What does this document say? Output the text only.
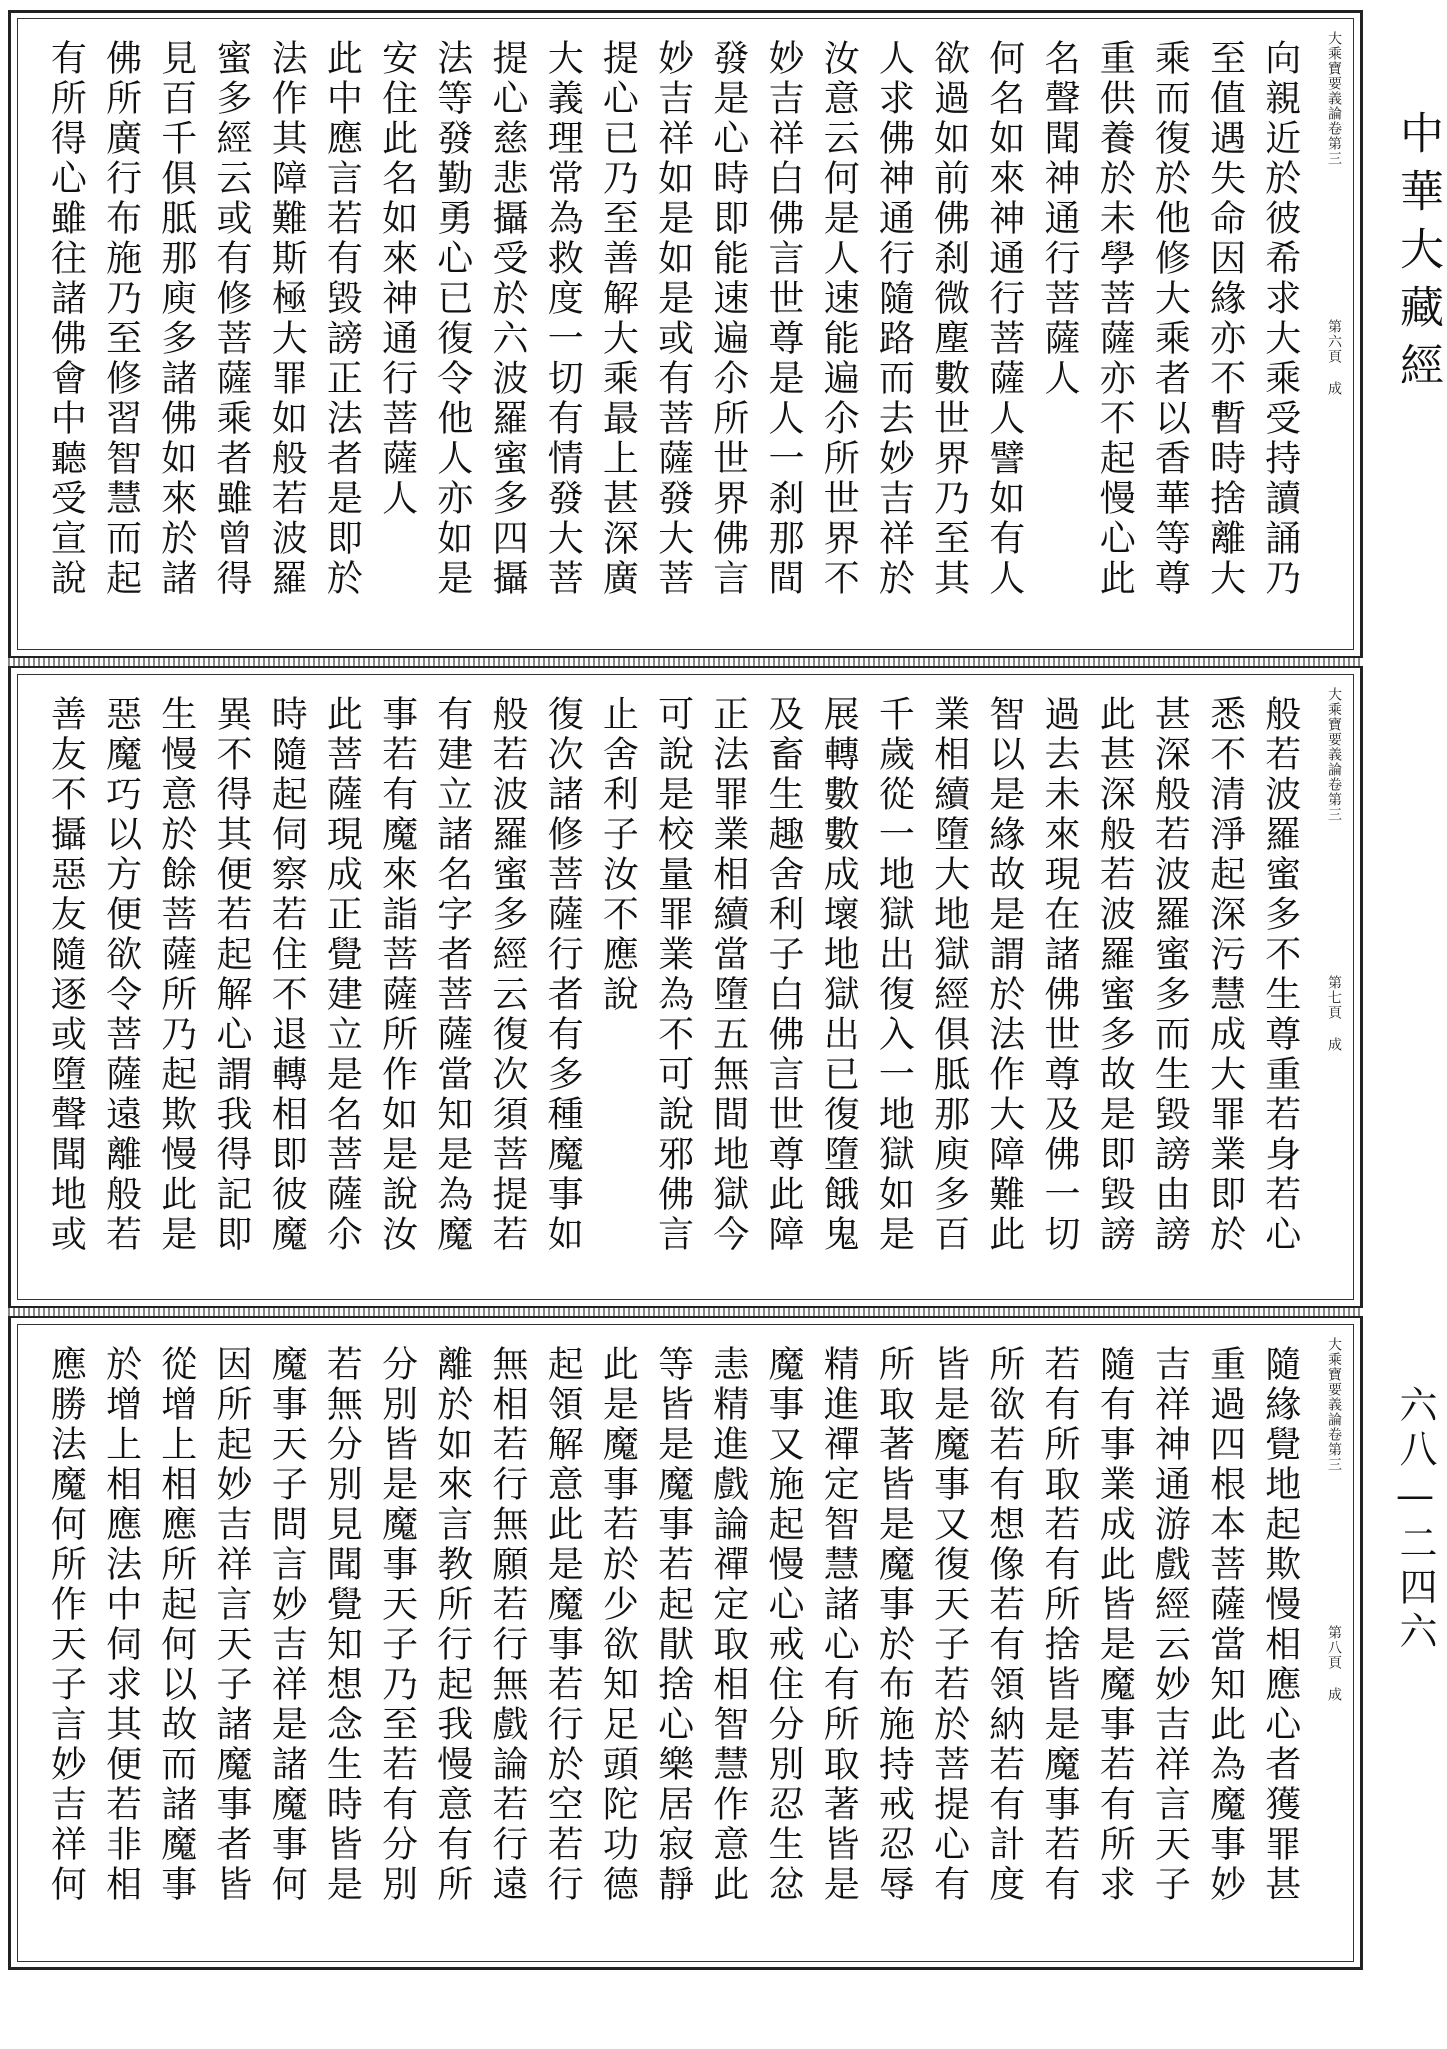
大乘寶要義論卷第三
第六頁 成
向親近於彼希求大乘受持讀誦乃
至值遇失命因緣亦不暫時捨離大
乘而復於他修大乘者以香華等尊
重供養於未學菩薩亦不起慢心此
名聲聞神通行菩薩人
何名如來神通行菩薩人譬如有人
欲過如前佛刹微塵數世界乃至其
人求佛神通行隨路而去妙吉祥於
汝意云何是人速能遍尒所世界不
妙吉祥白佛言世尊是人一刹那間
發是心時即能速遍尒所世界佛言
妙吉祥如是如是或有菩薩發大菩
提心已乃至善解大乘最上甚深廣
大義理常為救度一切有情發大菩
提心慈悲攝受於六波羅蜜多四攝
法等發勤勇心已復令他人亦如是
安住此名如來神通行菩薩人
此中應言若有毀謗正法者是即於
法作其障難斯極大罪如般若波羅
蜜多經云或有修菩薩乘者雖曾得
見百千俱胝那庾多諸佛如來於諸
佛所廣行布施乃至修習智慧而起
有所得心雖往諸佛會中聽受宣說
大乘寶要義論卷第三
第七頁 成
般若波羅蜜多不生尊重若身若心
悉不清淨起深污慧成大罪業即於
甚深般若波羅蜜多而生毀謗由謗
此甚深般若波羅蜜多故是即毀謗
過去未來現在諸佛世尊及佛一切
智以是緣故是謂於法作大障難此
業相續墮大地獄經俱胝那庾多百
千歲從一地獄出復入一地獄如是
展轉數數成壞地獄出已復墮餓鬼
及畜生趣舍利子白佛言世尊此障
正法罪業相續當墮五無間地獄今
可說是校量罪業為不可說邪佛言
止舍利子汝不應說
復次諸修菩薩行者有多種魔事如
般若波羅蜜多經云復次須菩提若
有建立諸名字者菩薩當知是為魔
事若有魔來詣菩薩所作如是說汝
此菩薩現成正覺建立是名菩薩尒
時隨起伺察若住不退轉相即彼魔
異不得其便若起解心謂我得記即
生慢意於餘菩薩所乃起欺慢此是
惡魔巧以方便欲令菩薩遠離般若
善友不攝惡友隨逐或墮聲聞地或
大乘寶要義論卷第三
第八頁 成
隨緣覺地起欺慢相應心者獲罪甚
重過四根本菩薩當知此為魔事妙
吉祥神通游戲經云妙吉祥言天子
隨有事業成此皆是魔事若有所求
若有所取若有所捨皆是魔事若有
所欲若有想像若有領納若有計度
皆是魔事又復天子若於菩提心有
所取著皆是魔事於布施持戒忍辱
精進禪定智慧諸心有所取著皆是
魔事又施起慢心戒住分別忍生忿
恚精進戲論禪定取相智慧作意此
等皆是魔事若起猒捨心樂居寂靜
此是魔事若於少欲知足頭陀功德
起領解意此是魔事若行於空若行
無相若行無願若行無戲論若行遠
離於如來言教所行起我慢意有所
分別皆是魔事天子乃至若有分別
若無分別見聞覺知想念生時皆是
魔事天子問言妙吉祥是諸魔事何
因所起妙吉祥言天子諸魔事者皆
從增上相應所起何以故而諸魔事
於增上相應法中伺求其便若非相
應勝法魔何所作天子言妙吉祥何
中華大藏經
六八—二四六
